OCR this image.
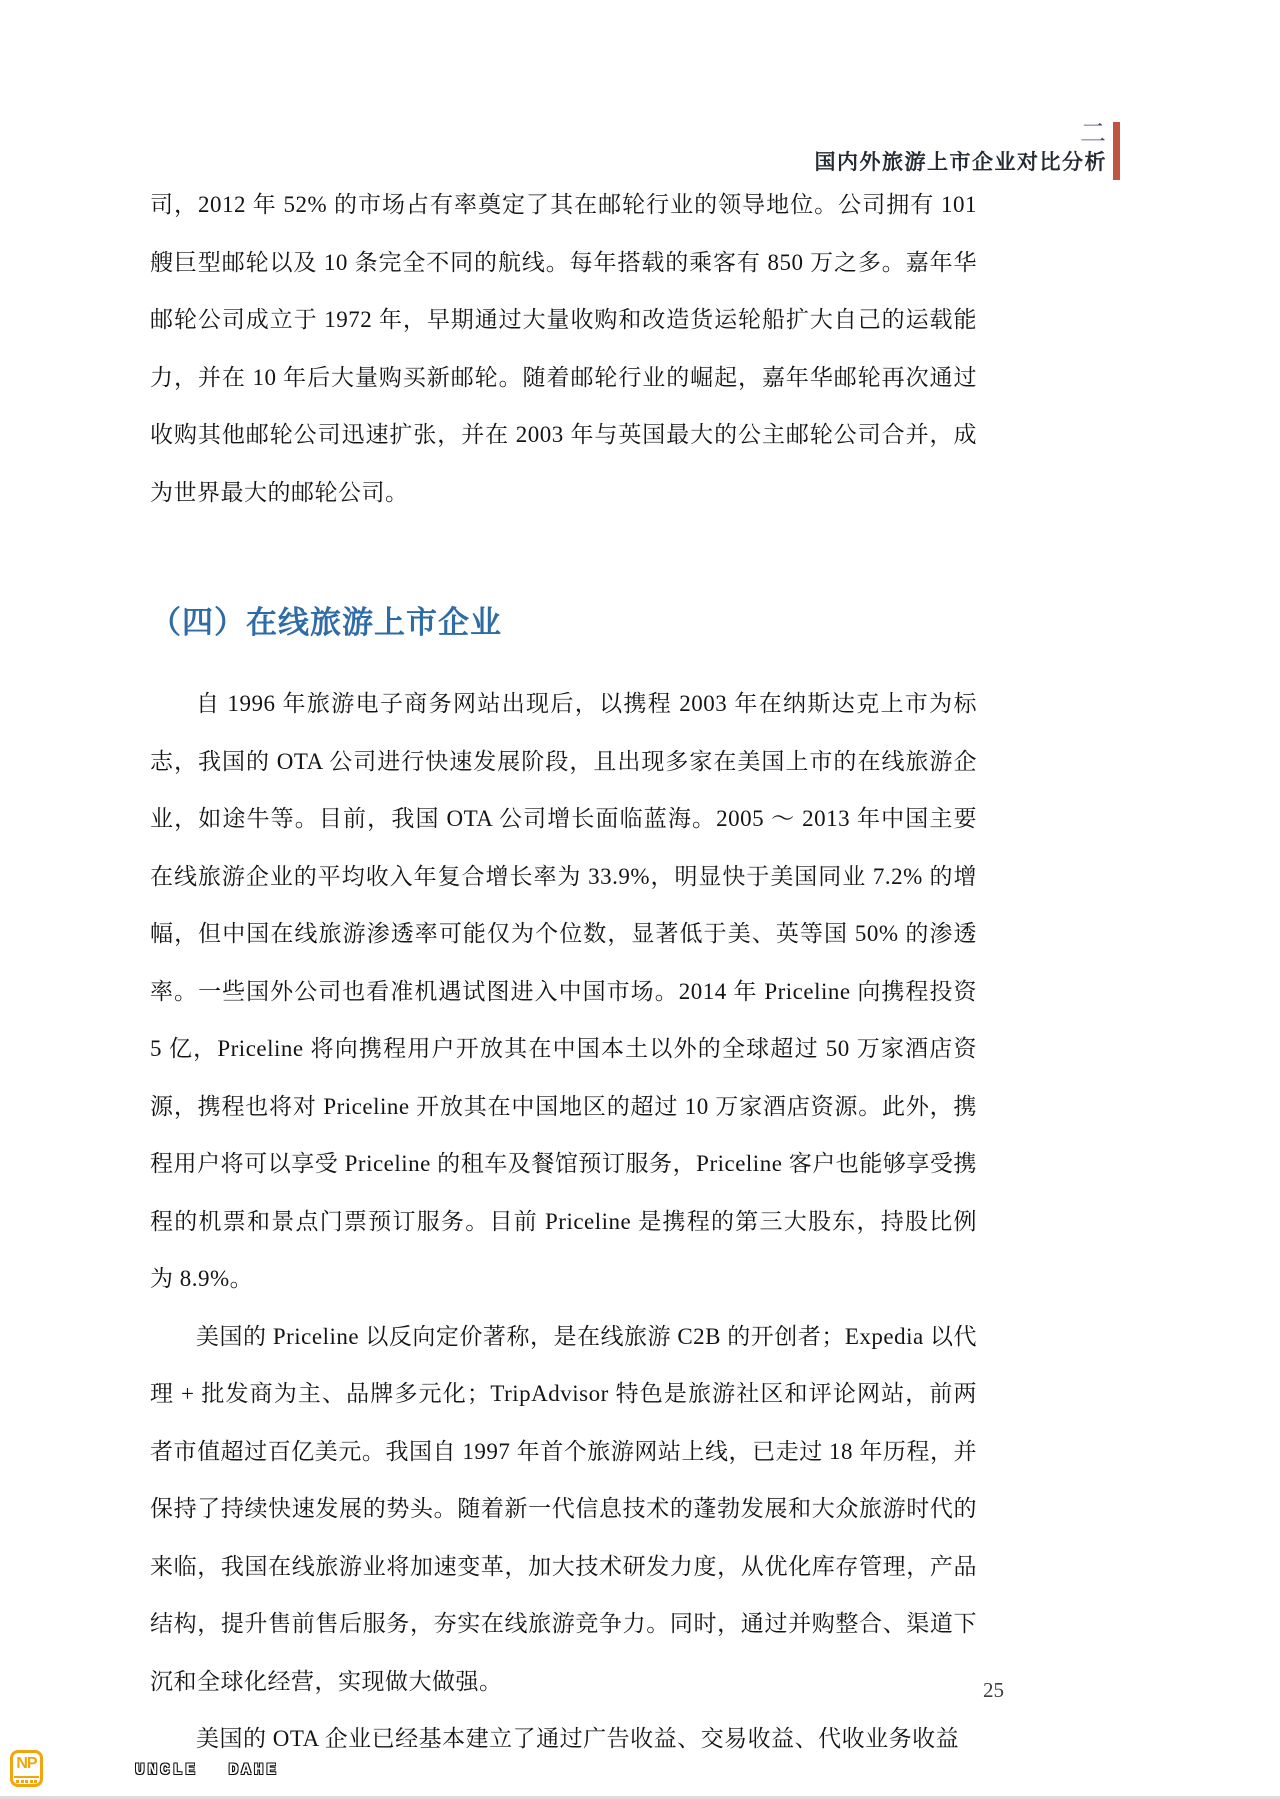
二
国内外旅游上市企业对比分析

司，2012 年 52% 的市场占有率奠定了其在邮轮行业的领导地位。公司拥有 101 艘巨型邮轮以及 10 条完全不同的航线。每年搭载的乘客有 850 万之多。嘉年华邮轮公司成立于 1972 年，早期通过大量收购和改造货运轮船扩大自己的运载能力，并在 10 年后大量购买新邮轮。随着邮轮行业的崛起，嘉年华邮轮再次通过收购其他邮轮公司迅速扩张，并在 2003 年与英国最大的公主邮轮公司合并，成为世界最大的邮轮公司。

（四）在线旅游上市企业

自 1996 年旅游电子商务网站出现后，以携程 2003 年在纳斯达克上市为标志，我国的 OTA 公司进行快速发展阶段，且出现多家在美国上市的在线旅游企业，如途牛等。目前，我国 OTA 公司增长面临蓝海。2005 ～ 2013 年中国主要在线旅游企业的平均收入年复合增长率为 33.9%，明显快于美国同业 7.2% 的增幅，但中国在线旅游渗透率可能仅为个位数，显著低于美、英等国 50% 的渗透率。一些国外公司也看准机遇试图进入中国市场。2014 年 Priceline 向携程投资 5 亿，Priceline 将向携程用户开放其在中国本土以外的全球超过 50 万家酒店资源，携程也将对 Priceline 开放其在中国地区的超过 10 万家酒店资源。此外，携程用户将可以享受 Priceline 的租车及餐馆预订服务，Priceline 客户也能够享受携程的机票和景点门票预订服务。目前 Priceline 是携程的第三大股东，持股比例为 8.9%。

美国的 Priceline 以反向定价著称，是在线旅游 C2B 的开创者；Expedia 以代理 + 批发商为主、品牌多元化；TripAdvisor 特色是旅游社区和评论网站，前两者市值超过百亿美元。我国自 1997 年首个旅游网站上线，已走过 18 年历程，并保持了持续快速发展的势头。随着新一代信息技术的蓬勃发展和大众旅游时代的来临，我国在线旅游业将加速变革，加大技术研发力度，从优化库存管理，产品结构，提升售前售后服务，夯实在线旅游竞争力。同时，通过并购整合、渠道下沉和全球化经营，实现做大做强。

美国的 OTA 企业已经基本建立了通过广告收益、交易收益、代收业务收益

25
NP	UNCLE DAHE
